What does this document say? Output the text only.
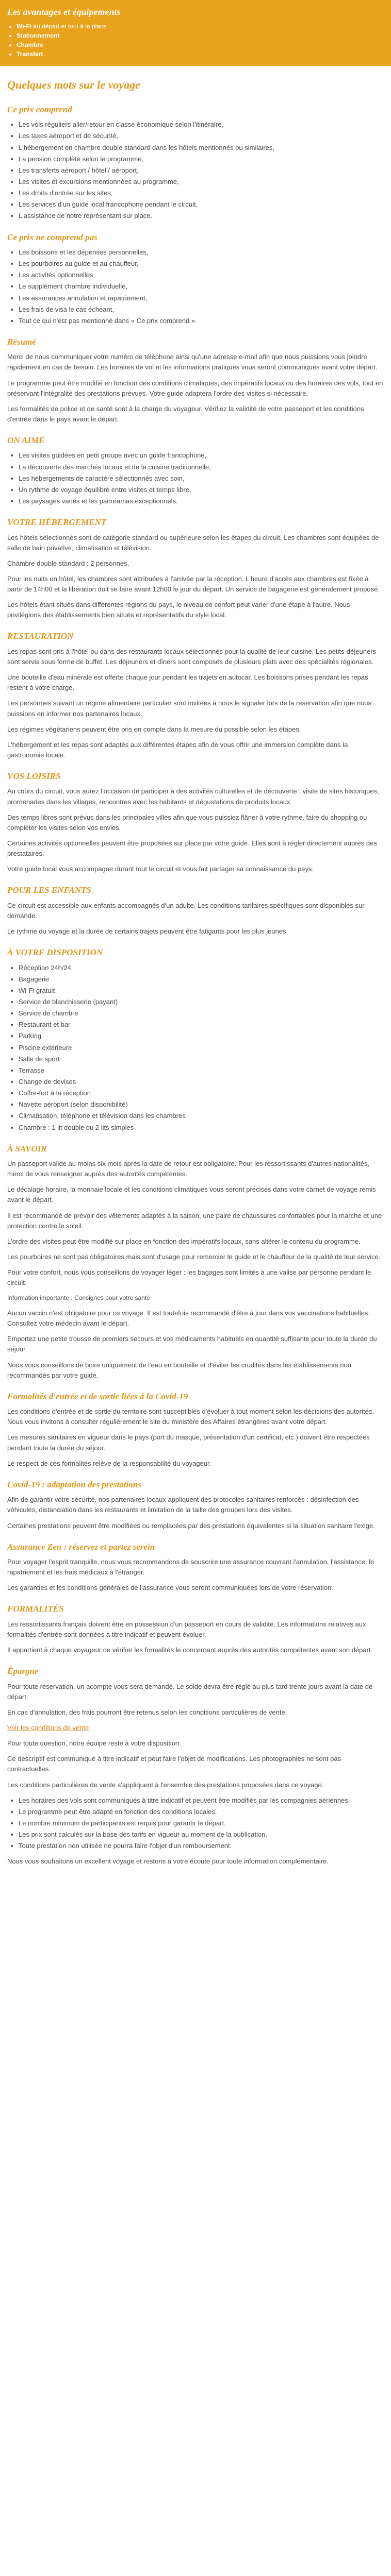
Les avantages et équipements
• Wi-Fi au départ et tout à la place
• Stationnement
• Chambre
• Transfert
Quelques mots sur le voyage
Ce prix comprend
• Les vols réguliers aller/retour en classe économique selon l'itinéraire,
• Les taxes aéroport et de sécurité,
• L'hébergement en chambre double standard dans les hôtels mentionnés ou similaires,
• La pension complète selon le programme,
• Les transferts aéroport / hôtel / aéroport,
• Les visites et excursions mentionnées au programme,
• Les droits d'entrée sur les sites,
• Les services d'un guide local francophone pendant le circuit,
• L'assistance de notre représentant sur place.
Ce prix ne comprend pas
• Les boissons et les dépenses personnelles,
• Les pourboires au guide et au chauffeur,
• Les activités optionnelles,
• Le supplément chambre individuelle,
• Les assurances annulation et rapatriement,
• Les frais de visa le cas échéant,
• Tout ce qui n'est pas mentionné dans « Ce prix comprend ».
Résumé

Merci de nous communiquer votre numéro de téléphone ainsi qu'une adresse e-mail afin que nous puissions vous joindre rapidement en cas de besoin. Les horaires de vol et les informations pratiques vous seront communiqués avant votre départ.

Le programme peut être modifié en fonction des conditions climatiques, des impératifs locaux ou des horaires des vols, tout en préservant l'intégralité des prestations prévues. Votre guide adaptera l'ordre des visites si nécessaire.

Les formalités de police et de santé sont à la charge du voyageur. Vérifiez la validité de votre passeport et les conditions d'entrée dans le pays avant le départ.

ON AIME
• Les visites guidées en petit groupe avec un guide francophone,
• La découverte des marchés locaux et de la cuisine traditionnelle,
• Les hébergements de caractère sélectionnés avec soin,
• Un rythme de voyage équilibré entre visites et temps libre,
• Les paysages variés et les panoramas exceptionnels.
VOTRE HÉBERGEMENT

Les hôtels sélectionnés sont de catégorie standard ou supérieure selon les étapes du circuit. Les chambres sont équipées de salle de bain privative, climatisation et télévision.

Chambre double standard : 2 personnes.

Pour les nuits en hôtel, les chambres sont attribuées à l'arrivée par la réception. L'heure d'accès aux chambres est fixée à partir de 14h00 et la libération doit se faire avant 12h00 le jour du départ. Un service de bagagerie est généralement proposé.

Les hôtels étant situés dans différentes régions du pays, le niveau de confort peut varier d'une étape à l'autre. Nous privilégions des établissements bien situés et représentatifs du style local.

RESTAURATION

Les repas sont pris à l'hôtel ou dans des restaurants locaux sélectionnés pour la qualité de leur cuisine. Les petits-déjeuners sont servis sous forme de buffet. Les déjeuners et dîners sont composés de plusieurs plats avec des spécialités régionales.

Une bouteille d'eau minérale est offerte chaque jour pendant les trajets en autocar. Les boissons prises pendant les repas restent à votre charge.

Les personnes suivant un régime alimentaire particulier sont invitées à nous le signaler lors de la réservation afin que nous puissions en informer nos partenaires locaux.

Les régimes végétariens peuvent être pris en compte dans la mesure du possible selon les étapes.

L'hébergement et les repas sont adaptés aux différentes étapes afin de vous offrir une immersion complète dans la gastronomie locale.

VOS LOISIRS

Au cours du circuit, vous aurez l'occasion de participer à des activités culturelles et de découverte : visite de sites historiques, promenades dans les villages, rencontres avec les habitants et dégustations de produits locaux.

Des temps libres sont prévus dans les principales villes afin que vous puissiez flâner à votre rythme, faire du shopping ou compléter les visites selon vos envies.

Certaines activités optionnelles peuvent être proposées sur place par votre guide. Elles sont à régler directement auprès des prestataires.

Votre guide local vous accompagne durant tout le circuit et vous fait partager sa connaissance du pays.

POUR LES ENFANTS

Ce circuit est accessible aux enfants accompagnés d'un adulte. Les conditions tarifaires spécifiques sont disponibles sur demande.

Le rythme du voyage et la durée de certains trajets peuvent être fatigants pour les plus jeunes.

À VOTRE DISPOSITION
• Réception 24h/24
• Bagagerie
• Wi-Fi gratuit
• Service de blanchisserie (payant)
• Service de chambre
• Restaurant et bar
• Parking
• Piscine extérieure
• Salle de sport
• Terrasse
• Change de devises
• Coffre-fort à la réception
• Navette aéroport (selon disponibilité)
• Climatisation, téléphone et télévision dans les chambres
• Chambre : 1 lit double ou 2 lits simples
À SAVOIR

Un passeport valide au moins six mois après la date de retour est obligatoire. Pour les ressortissants d'autres nationalités, merci de vous renseigner auprès des autorités compétentes.

Le décalage horaire, la monnaie locale et les conditions climatiques vous seront précisés dans votre carnet de voyage remis avant le départ.

Il est recommandé de prévoir des vêtements adaptés à la saison, une paire de chaussures confortables pour la marche et une protection contre le soleil.

L'ordre des visites peut être modifié sur place en fonction des impératifs locaux, sans altérer le contenu du programme.

Les pourboires ne sont pas obligatoires mais sont d'usage pour remercier le guide et le chauffeur de la qualité de leur service.

Pour votre confort, nous vous conseillons de voyager léger : les bagages sont limités à une valise par personne pendant le circuit.

Information importante : Consignes pour votre santé

Aucun vaccin n'est obligatoire pour ce voyage. Il est toutefois recommandé d'être à jour dans vos vaccinations habituelles. Consultez votre médecin avant le départ.

Emportez une petite trousse de premiers secours et vos médicaments habituels en quantité suffisante pour toute la durée du séjour.

Nous vous conseillons de boire uniquement de l'eau en bouteille et d'éviter les crudités dans les établissements non recommandés par votre guide.

Formalités d'entrée et de sortie liées à la Covid-19

Les conditions d'entrée et de sortie du territoire sont susceptibles d'évoluer à tout moment selon les décisions des autorités. Nous vous invitons à consulter régulièrement le site du ministère des Affaires étrangères avant votre départ.

Les mesures sanitaires en vigueur dans le pays (port du masque, présentation d'un certificat, etc.) doivent être respectées pendant toute la durée du séjour.

Le respect de ces formalités relève de la responsabilité du voyageur.

Covid-19 : adaptation des prestations

Afin de garantir votre sécurité, nos partenaires locaux appliquent des protocoles sanitaires renforcés : désinfection des véhicules, distanciation dans les restaurants et limitation de la taille des groupes lors des visites.

Certaines prestations peuvent être modifiées ou remplacées par des prestations équivalentes si la situation sanitaire l'exige.

Assurance Zen : réservez et partez serein

Pour voyager l'esprit tranquille, nous vous recommandons de souscrire une assurance couvrant l'annulation, l'assistance, le rapatriement et les frais médicaux à l'étranger.

Les garanties et les conditions générales de l'assurance vous seront communiquées lors de votre réservation.

FORMALITÉS

Les ressortissants français doivent être en possession d'un passeport en cours de validité. Les informations relatives aux formalités d'entrée sont données à titre indicatif et peuvent évoluer.

Il appartient à chaque voyageur de vérifier les formalités le concernant auprès des autorités compétentes avant son départ.

Épargne

Pour toute réservation, un acompte vous sera demandé. Le solde devra être réglé au plus tard trente jours avant la date de départ.

En cas d'annulation, des frais pourront être retenus selon les conditions particulières de vente.

Voir les conditions de vente

Pour toute question, notre équipe reste à votre disposition.

Ce descriptif est communiqué à titre indicatif et peut faire l'objet de modifications. Les photographies ne sont pas contractuelles.

Les conditions particulières de vente s'appliquent à l'ensemble des prestations proposées dans ce voyage.

• Les horaires des vols sont communiqués à titre indicatif et peuvent être modifiés par les compagnies aériennes.
• Le programme peut être adapté en fonction des conditions locales.
• Le nombre minimum de participants est requis pour garantir le départ.
• Les prix sont calculés sur la base des tarifs en vigueur au moment de la publication.
• Toute prestation non utilisée ne pourra faire l'objet d'un remboursement.

Nous vous souhaitons un excellent voyage et restons à votre écoute pour toute information complémentaire.
